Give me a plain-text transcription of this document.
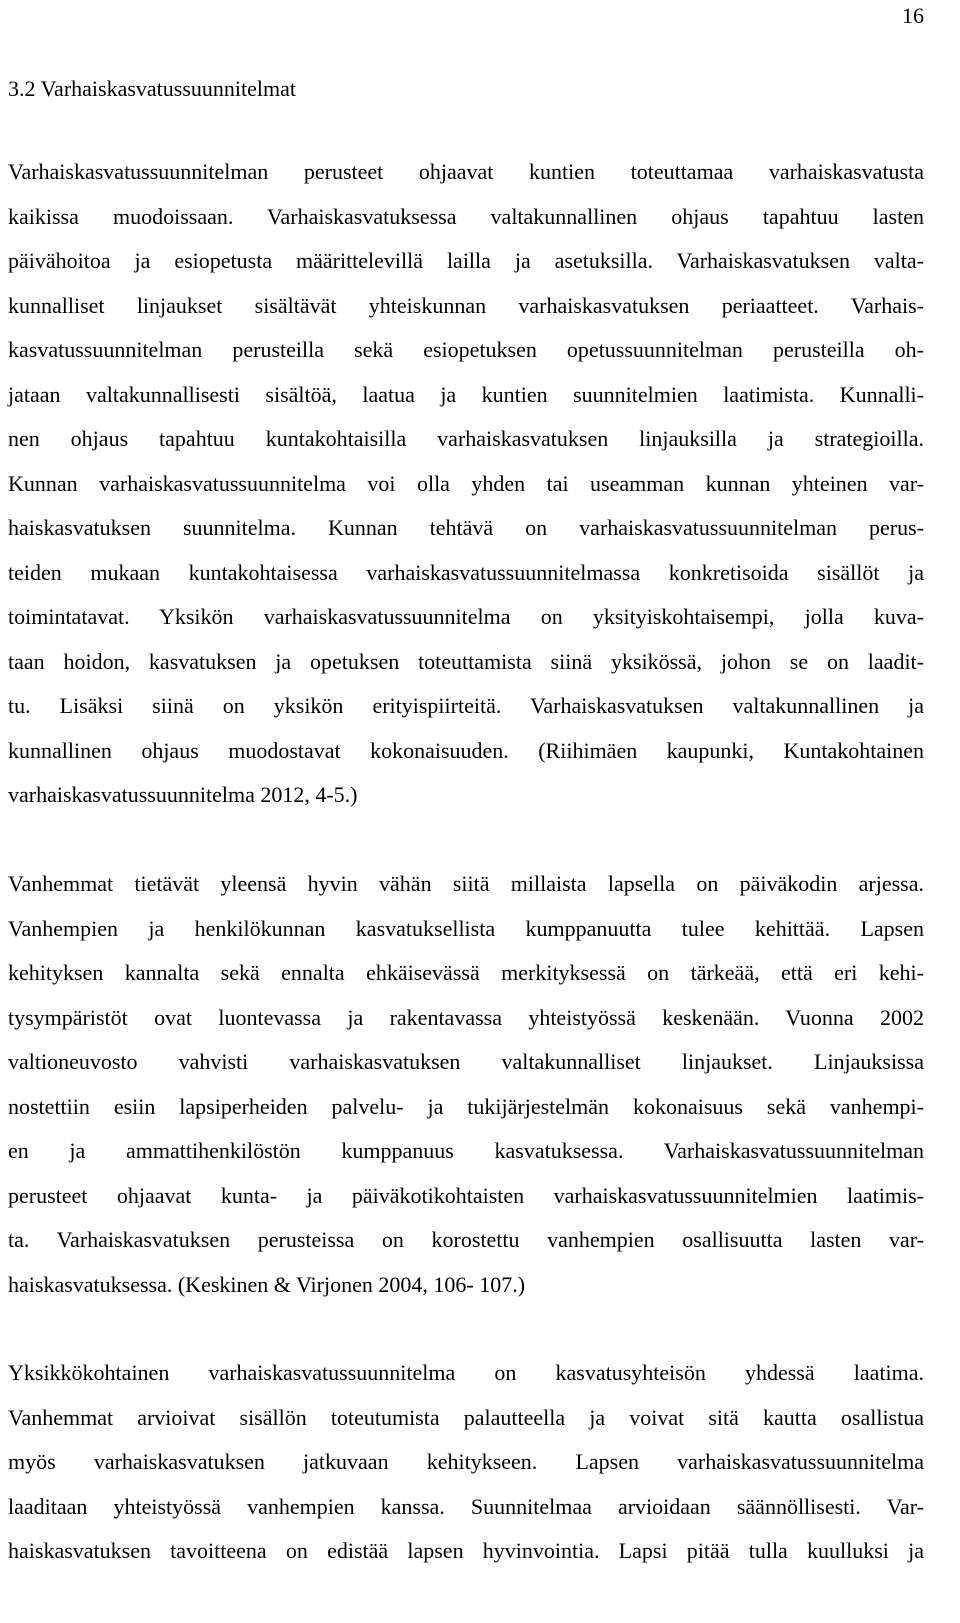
16
3.2 Varhaiskasvatussuunnitelmat
Varhaiskasvatussuunnitelman perusteet ohjaavat kuntien toteuttamaa varhaiskasvatusta
kaikissa muodoissaan. Varhaiskasvatuksessa valtakunnallinen ohjaus tapahtuu lasten
päivähoitoa ja esiopetusta määrittelevillä lailla ja asetuksilla. Varhaiskasvatuksen valta-
kunnalliset linjaukset sisältävät yhteiskunnan varhaiskasvatuksen periaatteet. Varhais-
kasvatussuunnitelman perusteilla sekä esiopetuksen opetussuunnitelman perusteilla oh-
jataan valtakunnallisesti sisältöä, laatua ja kuntien suunnitelmien laatimista. Kunnalli-
nen ohjaus tapahtuu kuntakohtaisilla varhaiskasvatuksen linjauksilla ja strategioilla.
Kunnan varhaiskasvatussuunnitelma voi olla yhden tai useamman kunnan yhteinen var-
haiskasvatuksen suunnitelma. Kunnan tehtävä on varhaiskasvatussuunnitelman perus-
teiden mukaan kuntakohtaisessa varhaiskasvatussuunnitelmassa konkretisoida sisällöt ja
toimintatavat. Yksikön varhaiskasvatussuunnitelma on yksityiskohtaisempi, jolla kuva-
taan hoidon, kasvatuksen ja opetuksen toteuttamista siinä yksikössä, johon se on laadit-
tu. Lisäksi siinä on yksikön erityispiirteitä. Varhaiskasvatuksen valtakunnallinen ja
kunnallinen ohjaus muodostavat kokonaisuuden. (Riihimäen kaupunki, Kuntakohtainen
varhaiskasvatussuunnitelma 2012, 4-5.)
Vanhemmat tietävät yleensä hyvin vähän siitä millaista lapsella on päiväkodin arjessa.
Vanhempien ja henkilökunnan kasvatuksellista kumppanuutta tulee kehittää. Lapsen
kehityksen kannalta sekä ennalta ehkäisevässä merkityksessä on tärkeää, että eri kehi-
tysympäristöt ovat luontevassa ja rakentavassa yhteistyössä keskenään. Vuonna 2002
valtioneuvosto vahvisti varhaiskasvatuksen valtakunnalliset linjaukset. Linjauksissa
nostettiin esiin lapsiperheiden palvelu- ja tukijärjestelmän kokonaisuus sekä vanhempi-
en ja ammattihenkilöstön kumppanuus kasvatuksessa. Varhaiskasvatussuunnitelman
perusteet ohjaavat kunta- ja päiväkotikohtaisten varhaiskasvatussuunnitelmien laatimis-
ta. Varhaiskasvatuksen perusteissa on korostettu vanhempien osallisuutta lasten var-
haiskasvatuksessa. (Keskinen & Virjonen 2004, 106- 107.)
Yksikkökohtainen varhaiskasvatussuunnitelma on kasvatusyhteisön yhdessä laatima.
Vanhemmat arvioivat sisällön toteutumista palautteella ja voivat sitä kautta osallistua
myös varhaiskasvatuksen jatkuvaan kehitykseen. Lapsen varhaiskasvatussuunnitelma
laaditaan yhteistyössä vanhempien kanssa. Suunnitelmaa arvioidaan säännöllisesti. Var-
haiskasvatuksen tavoitteena on edistää lapsen hyvinvointia. Lapsi pitää tulla kuulluksi ja
